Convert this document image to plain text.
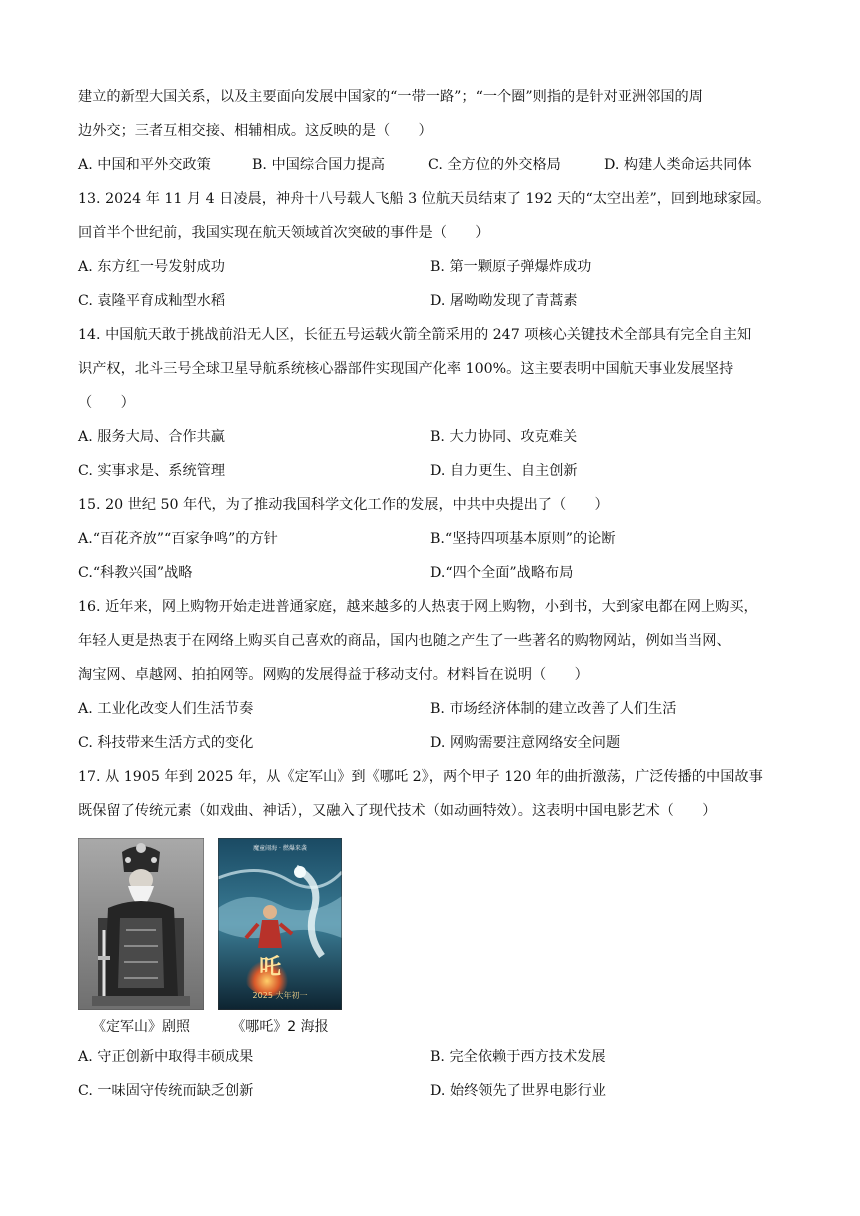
建立的新型大国关系，以及主要面向发展中国家的“一带一路”；“一个圈”则指的是针对亚洲邻国的周
边外交；三者互相交接、相辅相成。这反映的是（　　）
A. 中国和平外交政策	B. 中国综合国力提高	C. 全方位的外交格局	D. 构建人类命运共同体
13. 2024 年 11 月 4 日凌晨，神舟十八号载人飞船 3 位航天员结束了 192 天的“太空出差”，回到地球家园。
回首半个世纪前，我国实现在航天领域首次突破的事件是（　　）
A. 东方红一号发射成功	B. 第一颗原子弹爆炸成功
C. 袁隆平育成籼型水稻	D. 屠呦呦发现了青蒿素
14. 中国航天敢于挑战前沿无人区，长征五号运载火箭全箭采用的 247 项核心关键技术全部具有完全自主知
识产权，北斗三号全球卫星导航系统核心器部件实现国产化率 100%。这主要表明中国航天事业发展坚持
（　　）
A. 服务大局、合作共赢	B. 大力协同、攻克难关
C. 实事求是、系统管理	D. 自力更生、自主创新
15. 20 世纪 50 年代，为了推动我国科学文化工作的发展，中共中央提出了（　　）
A.“百花齐放”“百家争鸣”的方针	B.“坚持四项基本原则”的论断
C.“科教兴国”战略	D.“四个全面”战略布局
16. 近年来，网上购物开始走进普通家庭，越来越多的人热衷于网上购物，小到书，大到家电都在网上购买，
年轻人更是热衷于在网络上购买自己喜欢的商品，国内也随之产生了一些著名的购物网站，例如当当网、
淘宝网、卓越网、拍拍网等。网购的发展得益于移动支付。材料旨在说明（　　）
A. 工业化改变人们生活节奏	B. 市场经济体制的建立改善了人们生活
C. 科技带来生活方式的变化	D. 网购需要注意网络安全问题
17. 从 1905 年到 2025 年，从《定军山》到《哪吒 2》，两个甲子 120 年的曲折激荡，广泛传播的中国故事
既保留了传统元素（如戏曲、神话），又融入了现代技术（如动画特效）。这表明中国电影艺术（　　）
《定军山》剧照
吒
魔童闹海 · 燃爆来袭
2025 大年初一
《哪吒》2 海报
A. 守正创新中取得丰硕成果	B. 完全依赖于西方技术发展
C. 一味固守传统而缺乏创新	D. 始终领先了世界电影行业
